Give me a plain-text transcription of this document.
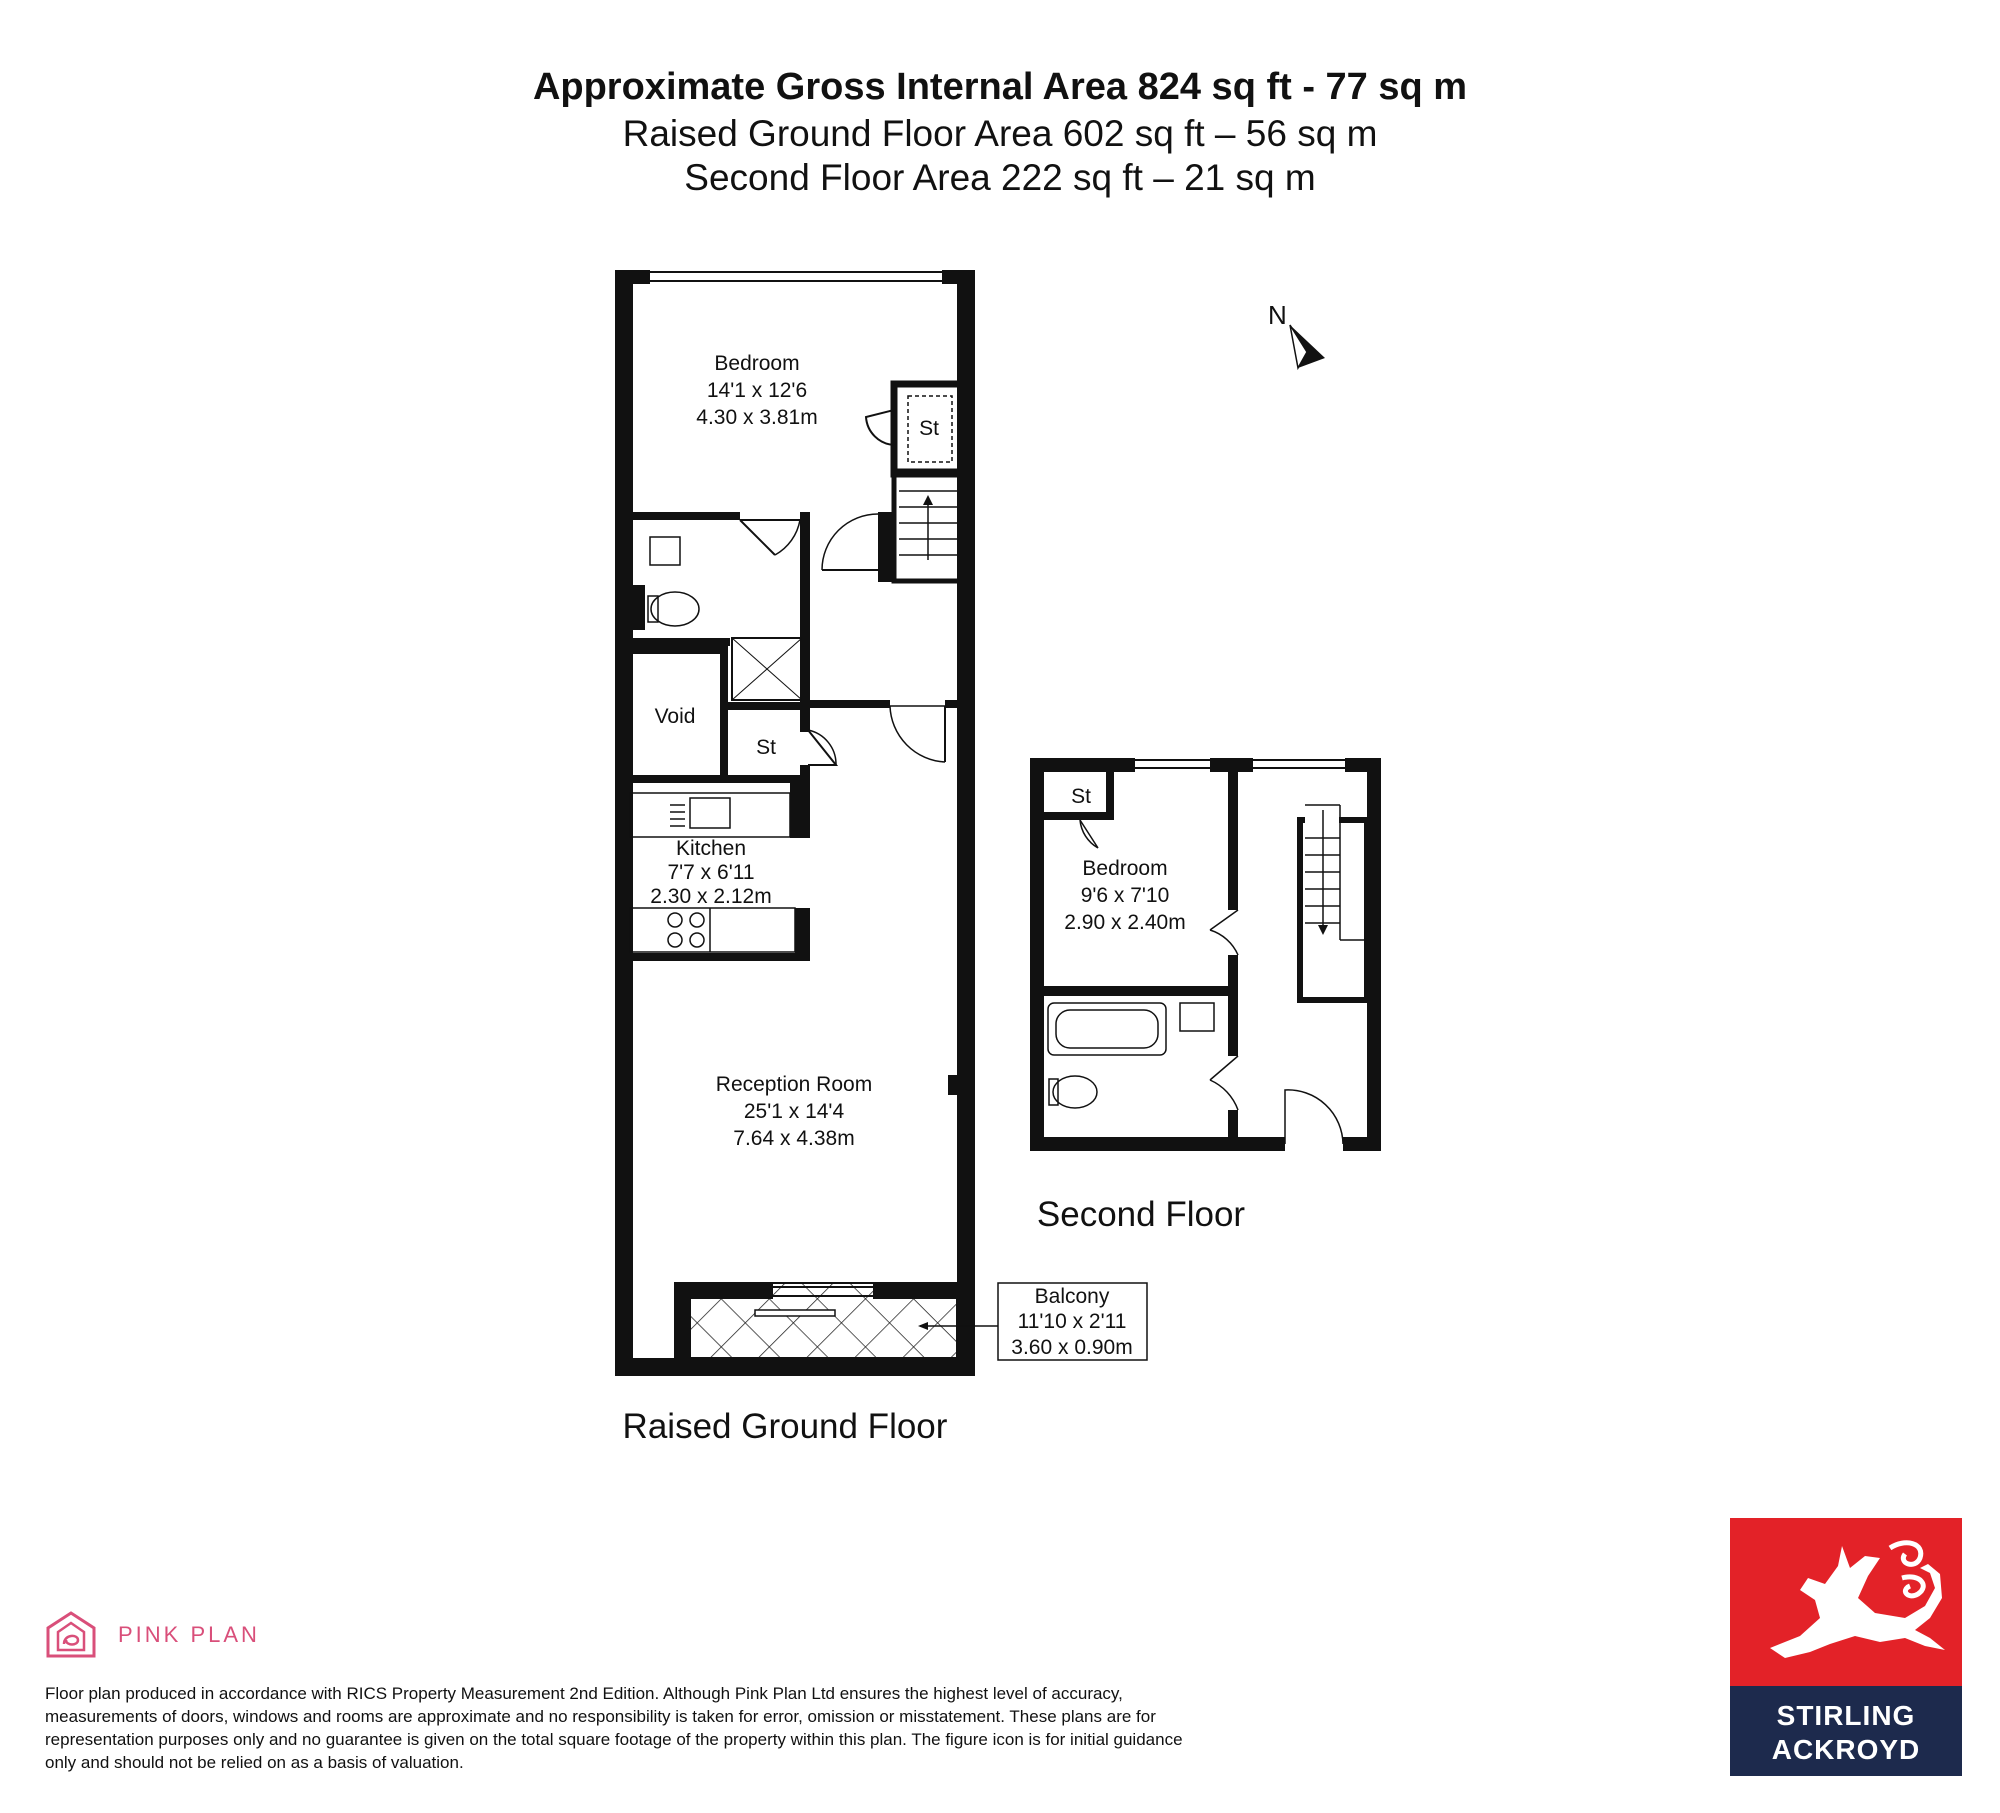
Approximate Gross Internal Area 824 sq ft - 77 sq m
Raised Ground Floor Area 602 sq ft – 56 sq m
Second Floor Area 222 sq ft – 21 sq m
Bedroom
14'1 x 12'6
4.30 x 3.81m	St
Void
St
Kitchen
7'7 x 6'11
2.30 x 2.12m
Reception Room
25'1 x 14'4
7.64 x 4.38m
Balcony
11'10 x 2'11
3.60 x 0.90m
Raised Ground Floor
St
Bedroom
9'6 x 7'10
2.90 x 2.40m
Second Floor
N
PINK PLAN
Floor plan produced in accordance with RICS Property Measurement 2nd Edition. Although Pink Plan Ltd ensures the highest level of accuracy, measurements of doors, windows and rooms are approximate and no responsibility is taken for error, omission or misstatement. These plans are for representation purposes only and no guarantee is given on the total square footage of the property within this plan. The figure icon is for initial guidance only and should not be relied on as a basis of valuation.
STIRLING
ACKROYD
